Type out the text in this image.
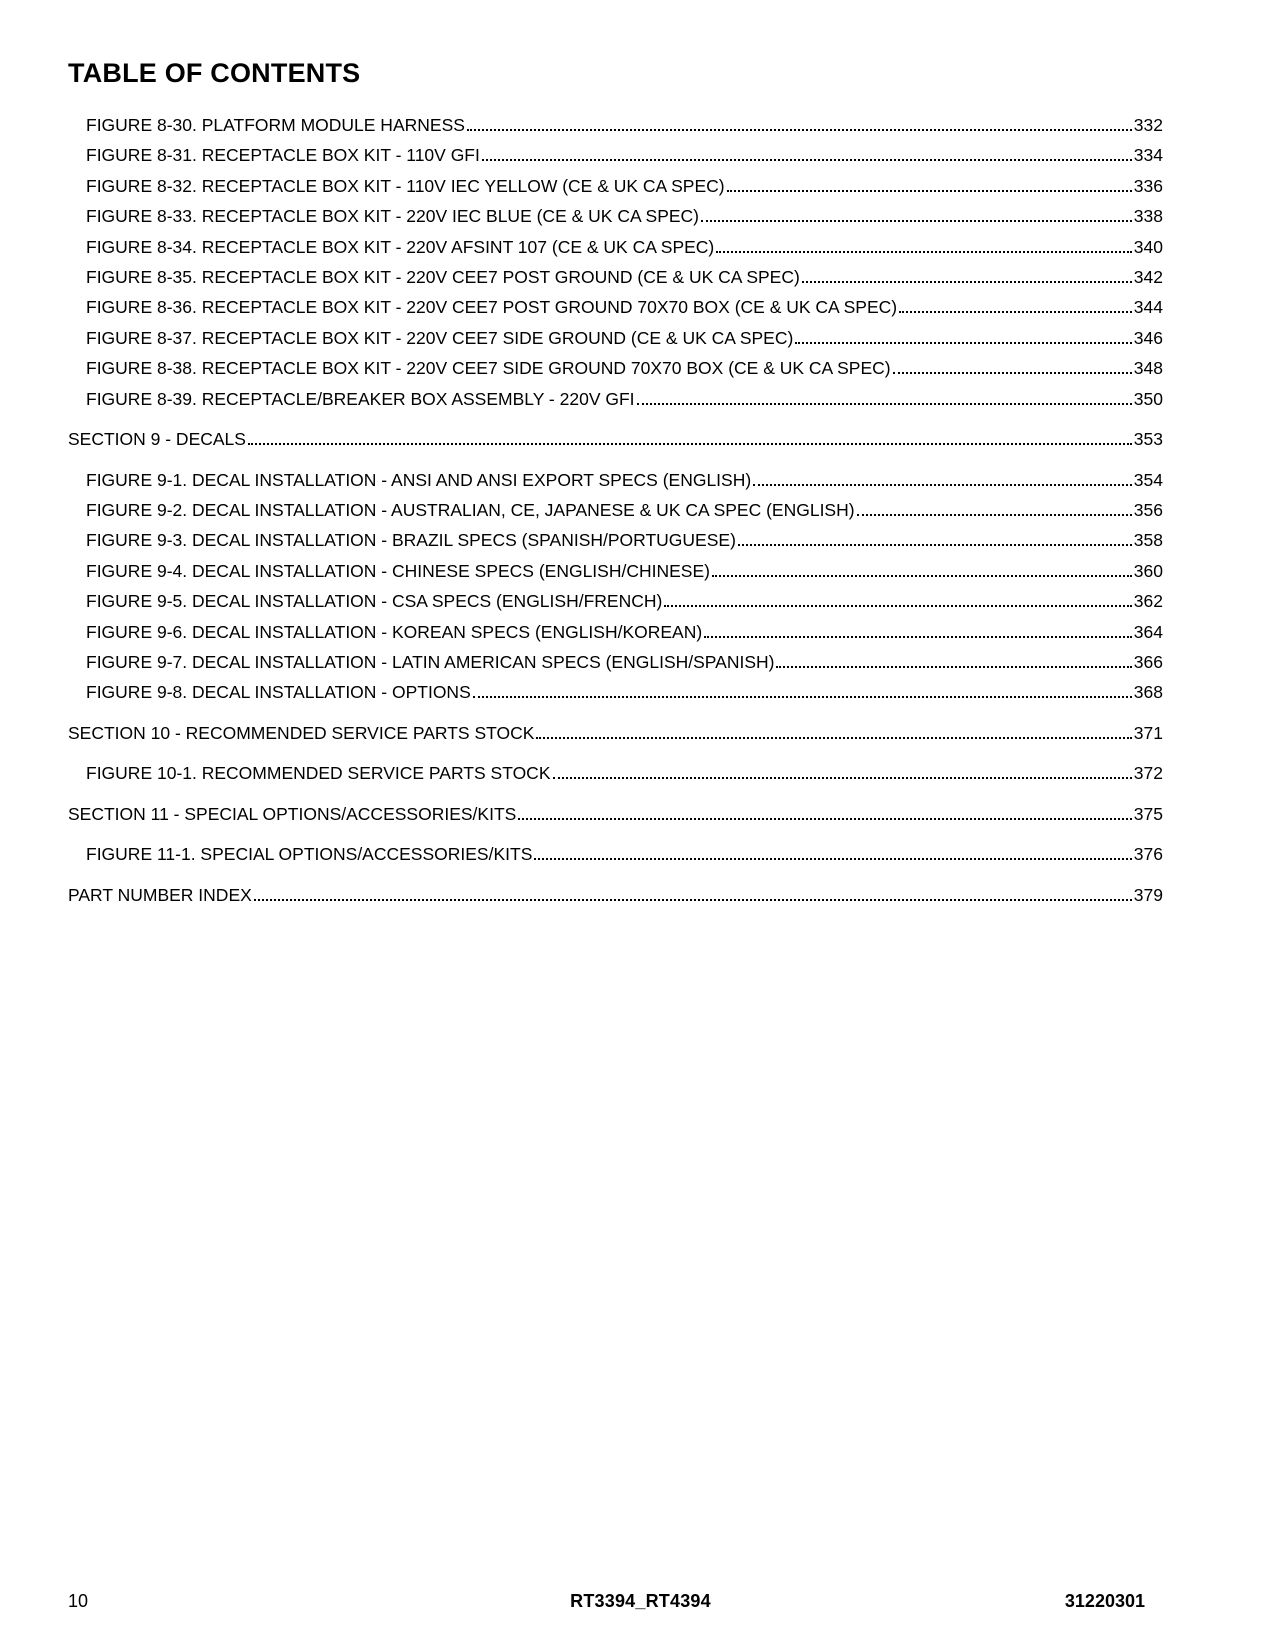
TABLE OF CONTENTS
FIGURE 8-30. PLATFORM MODULE HARNESS	332
FIGURE 8-31. RECEPTACLE BOX KIT - 110V GFI	334
FIGURE 8-32. RECEPTACLE BOX KIT - 110V IEC YELLOW (CE & UK CA SPEC)	336
FIGURE 8-33. RECEPTACLE BOX KIT - 220V IEC BLUE (CE & UK CA SPEC)	338
FIGURE 8-34. RECEPTACLE BOX KIT - 220V AFSINT 107 (CE & UK CA SPEC)	340
FIGURE 8-35. RECEPTACLE BOX KIT - 220V CEE7 POST GROUND (CE & UK CA SPEC)	342
FIGURE 8-36. RECEPTACLE BOX KIT - 220V CEE7 POST GROUND 70X70 BOX (CE & UK CA SPEC)	344
FIGURE 8-37. RECEPTACLE BOX KIT - 220V CEE7 SIDE GROUND (CE & UK CA SPEC)	346
FIGURE 8-38. RECEPTACLE BOX KIT - 220V CEE7 SIDE GROUND 70X70 BOX (CE & UK CA SPEC)	348
FIGURE 8-39. RECEPTACLE/BREAKER BOX ASSEMBLY - 220V GFI	350
SECTION 9 - DECALS	353
FIGURE 9-1. DECAL INSTALLATION - ANSI AND ANSI EXPORT SPECS (ENGLISH)	354
FIGURE 9-2. DECAL INSTALLATION - AUSTRALIAN, CE, JAPANESE & UK CA SPEC (ENGLISH)	356
FIGURE 9-3. DECAL INSTALLATION - BRAZIL SPECS (SPANISH/PORTUGUESE)	358
FIGURE 9-4. DECAL INSTALLATION - CHINESE SPECS (ENGLISH/CHINESE)	360
FIGURE 9-5. DECAL INSTALLATION - CSA SPECS (ENGLISH/FRENCH)	362
FIGURE 9-6. DECAL INSTALLATION - KOREAN SPECS (ENGLISH/KOREAN)	364
FIGURE 9-7. DECAL INSTALLATION - LATIN AMERICAN SPECS (ENGLISH/SPANISH)	366
FIGURE 9-8. DECAL INSTALLATION - OPTIONS	368
SECTION 10 - RECOMMENDED SERVICE PARTS STOCK	371
FIGURE 10-1. RECOMMENDED SERVICE PARTS STOCK	372
SECTION 11 - SPECIAL OPTIONS/ACCESSORIES/KITS	375
FIGURE 11-1. SPECIAL OPTIONS/ACCESSORIES/KITS	376
PART NUMBER INDEX	379
10	RT3394_RT4394	31220301
